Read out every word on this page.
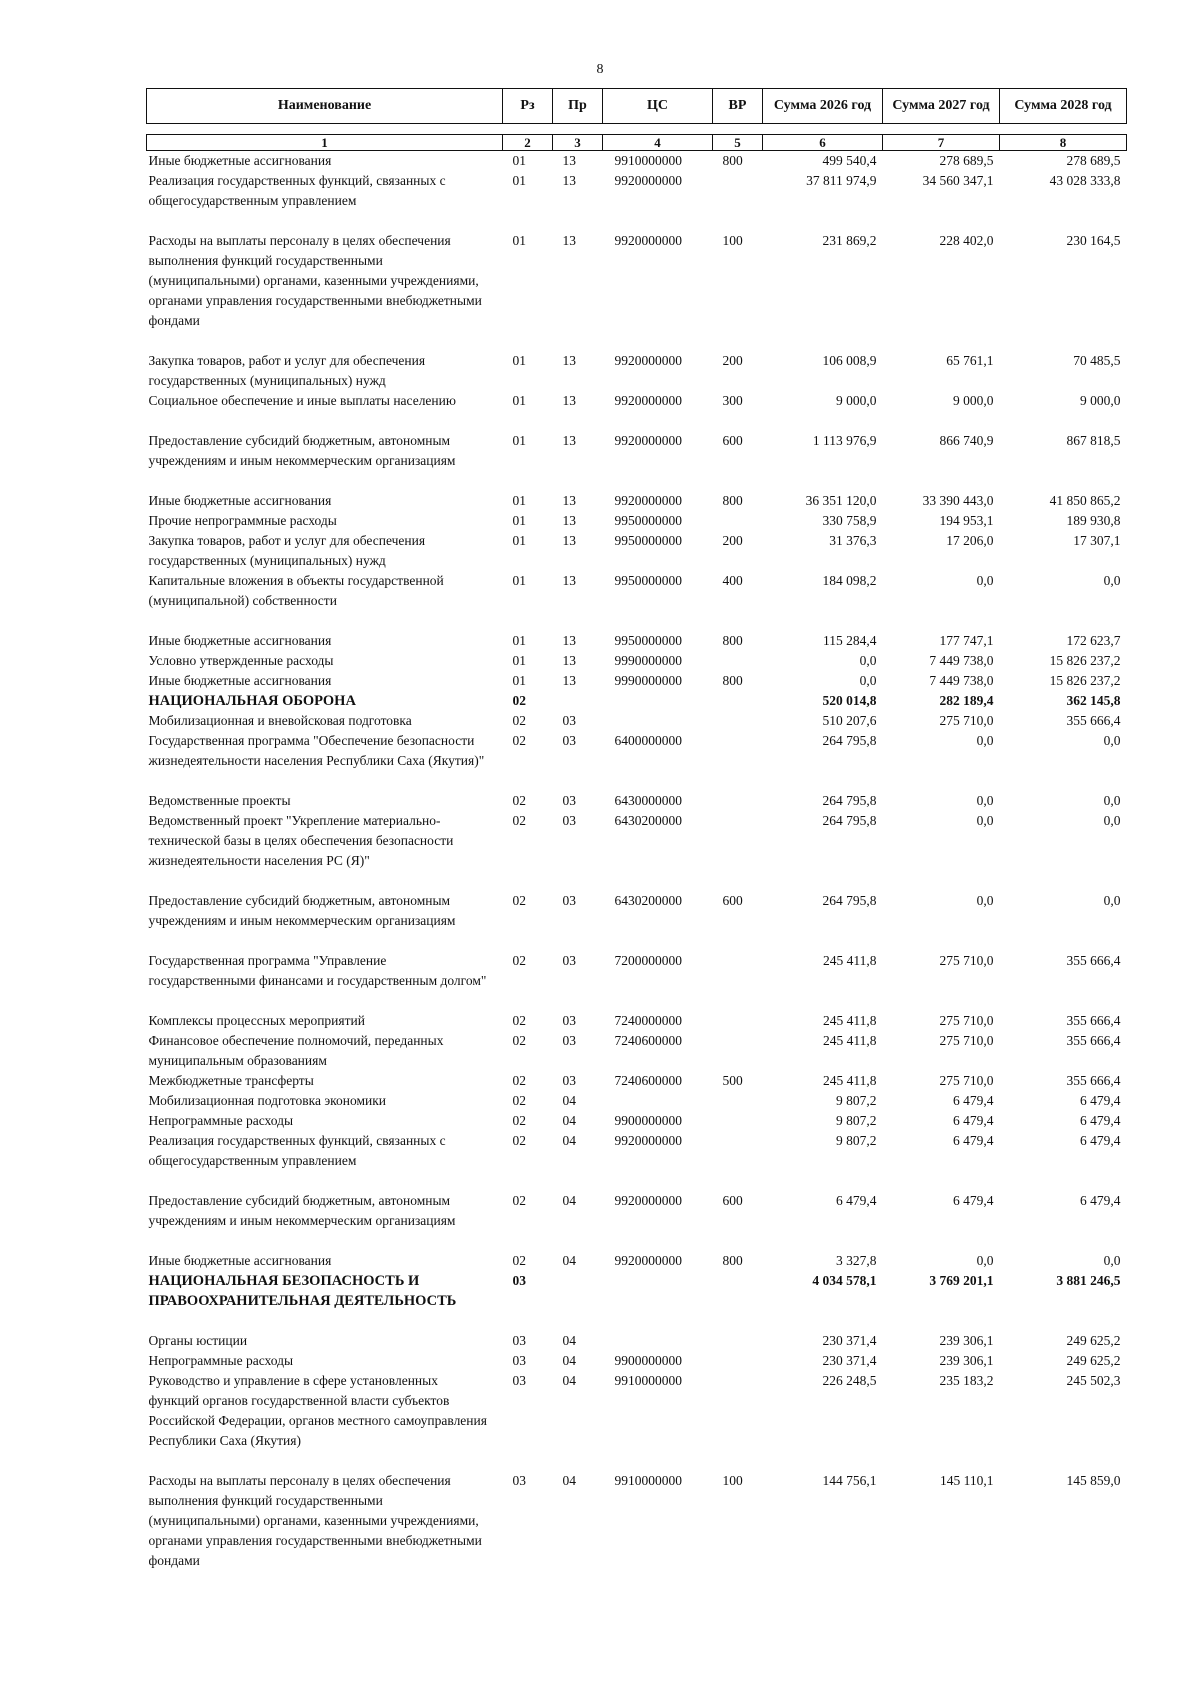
8
Наименование	Рз	Пр	ЦС	ВР	Сумма 2026 год	Сумма 2027 год	Сумма 2028 год

1	2	3	4	5	6	7	8
Иные бюджетные ассигнования	01	13	9910000000	800	499 540,4	278 689,5	278 689,5
Реализация государственных функций, связанных с общегосударственным управлением	01	13	9920000000		37 811 974,9	34 560 347,1	43 028 333,8
Расходы на выплаты персоналу в целях обеспечения выполнения функций государственными (муниципальными) органами, казенными учреждениями, органами управления государственными внебюджетными фондами	01	13	9920000000	100	231 869,2	228 402,0	230 164,5
Закупка товаров, работ и услуг для обеспечения государственных (муниципальных) нужд	01	13	9920000000	200	106 008,9	65 761,1	70 485,5
Социальное обеспечение и иные выплаты населению	01	13	9920000000	300	9 000,0	9 000,0	9 000,0
Предоставление субсидий бюджетным, автономным учреждениям и иным некоммерческим организациям	01	13	9920000000	600	1 113 976,9	866 740,9	867 818,5
Иные бюджетные ассигнования	01	13	9920000000	800	36 351 120,0	33 390 443,0	41 850 865,2
Прочие непрограммные расходы	01	13	9950000000		330 758,9	194 953,1	189 930,8
Закупка товаров, работ и услуг для обеспечения государственных (муниципальных) нужд	01	13	9950000000	200	31 376,3	17 206,0	17 307,1
Капитальные вложения в объекты государственной (муниципальной) собственности	01	13	9950000000	400	184 098,2	0,0	0,0
Иные бюджетные ассигнования	01	13	9950000000	800	115 284,4	177 747,1	172 623,7
Условно утвержденные расходы	01	13	9990000000		0,0	7 449 738,0	15 826 237,2
Иные бюджетные ассигнования	01	13	9990000000	800	0,0	7 449 738,0	15 826 237,2
НАЦИОНАЛЬНАЯ ОБОРОНА	02				520 014,8	282 189,4	362 145,8
Мобилизационная и вневойсковая подготовка	02	03			510 207,6	275 710,0	355 666,4
Государственная программа "Обеспечение безопасности жизнедеятельности населения Республики Саха (Якутия)"	02	03	6400000000		264 795,8	0,0	0,0
Ведомственные проекты	02	03	6430000000		264 795,8	0,0	0,0
Ведомственный проект "Укрепление материально-технической базы в целях обеспечения безопасности жизнедеятельности населения РС (Я)"	02	03	6430200000		264 795,8	0,0	0,0
Предоставление субсидий бюджетным, автономным учреждениям и иным некоммерческим организациям	02	03	6430200000	600	264 795,8	0,0	0,0
Государственная программа "Управление государственными финансами и государственным долгом"	02	03	7200000000		245 411,8	275 710,0	355 666,4
Комплексы процессных мероприятий	02	03	7240000000		245 411,8	275 710,0	355 666,4
Финансовое обеспечение полномочий, переданных муниципальным образованиям	02	03	7240600000		245 411,8	275 710,0	355 666,4
Межбюджетные трансферты	02	03	7240600000	500	245 411,8	275 710,0	355 666,4
Мобилизационная подготовка экономики	02	04			9 807,2	6 479,4	6 479,4
Непрограммные расходы	02	04	9900000000		9 807,2	6 479,4	6 479,4
Реализация государственных функций, связанных с общегосударственным управлением	02	04	9920000000		9 807,2	6 479,4	6 479,4
Предоставление субсидий бюджетным, автономным учреждениям и иным некоммерческим организациям	02	04	9920000000	600	6 479,4	6 479,4	6 479,4
Иные бюджетные ассигнования	02	04	9920000000	800	3 327,8	0,0	0,0
НАЦИОНАЛЬНАЯ БЕЗОПАСНОСТЬ И ПРАВООХРАНИТЕЛЬНАЯ ДЕЯТЕЛЬНОСТЬ	03				4 034 578,1	3 769 201,1	3 881 246,5
Органы юстиции	03	04			230 371,4	239 306,1	249 625,2
Непрограммные расходы	03	04	9900000000		230 371,4	239 306,1	249 625,2
Руководство и управление в сфере установленных функций органов государственной власти субъектов Российской Федерации, органов местного самоуправления Республики Саха (Якутия)	03	04	9910000000		226 248,5	235 183,2	245 502,3
Расходы на выплаты персоналу в целях обеспечения выполнения функций государственными (муниципальными) органами, казенными учреждениями, органами управления государственными внебюджетными фондами	03	04	9910000000	100	144 756,1	145 110,1	145 859,0
